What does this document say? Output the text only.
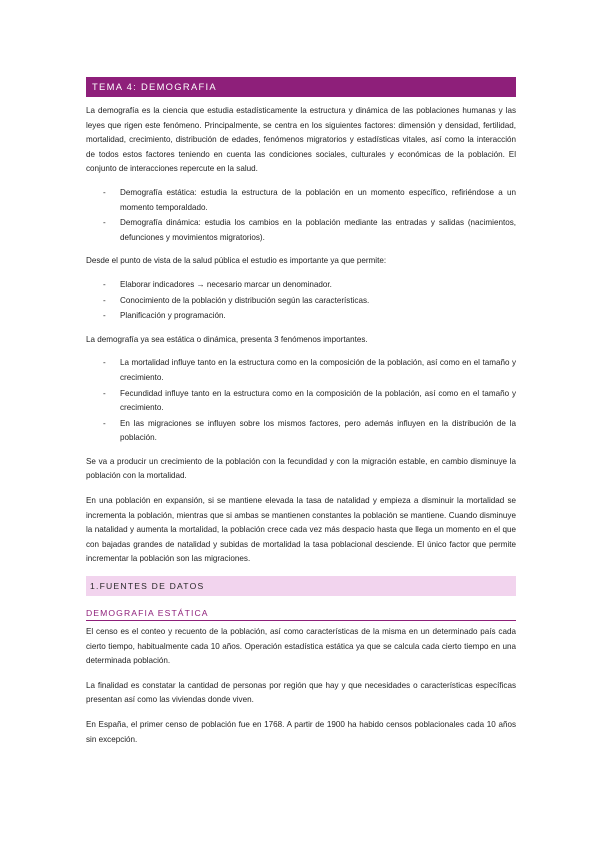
TEMA 4: DEMOGRAFIA

La demografía es la ciencia que estudia estadísticamente la estructura y dinámica de las poblaciones humanas y las leyes que rigen este fenómeno. Principalmente, se centra en los siguientes factores: dimensión y densidad, fertilidad, mortalidad, crecimiento, distribución de edades, fenómenos migratorios y estadísticas vitales, así como la interacción de todos estos factores teniendo en cuenta las condiciones sociales, culturales y económicas de la población. El conjunto de interacciones repercute en la salud.

- Demografía estática: estudia la estructura de la población en un momento específico, refiriéndose a un momento temporaldado.
- Demografía dinámica: estudia los cambios en la población mediante las entradas y salidas (nacimientos, defunciones y movimientos migratorios).

Desde el punto de vista de la salud pública el estudio es importante ya que permite:

- Elaborar indicadores → necesario marcar un denominador.
- Conocimiento de la población y distribución según las características.
- Planificación y programación.

La demografía ya sea estática o dinámica, presenta 3 fenómenos importantes.

- La mortalidad influye tanto en la estructura como en la composición de la población, así como en el tamaño y crecimiento.
- Fecundidad influye tanto en la estructura como en la composición de la población, así como en el tamaño y crecimiento.
- En las migraciones se influyen sobre los mismos factores, pero además influyen en la distribución de la población.

Se va a producir un crecimiento de la población con la fecundidad y con la migración estable, en cambio disminuye la población con la mortalidad.

En una población en expansión, si se mantiene elevada la tasa de natalidad y empieza a disminuir la mortalidad se incrementa la población, mientras que si ambas se mantienen constantes la población se mantiene. Cuando disminuye la natalidad y aumenta la mortalidad, la población crece cada vez más despacio hasta que llega un momento en el que con bajadas grandes de natalidad y subidas de mortalidad la tasa poblacional desciende. El único factor que permite incrementar la población son las migraciones.

1.FUENTES DE DATOS
DEMOGRAFIA ESTÁTICA

El censo es el conteo y recuento de la población, así como características de la misma en un determinado país cada cierto tiempo, habitualmente cada 10 años. Operación estadística estática ya que se calcula cada cierto tiempo en una determinada población.

La finalidad es constatar la cantidad de personas por región que hay y que necesidades o características específicas presentan así como las viviendas donde viven.

En España, el primer censo de población fue en 1768. A partir de 1900 ha habido censos poblacionales cada 10 años sin excepción.
